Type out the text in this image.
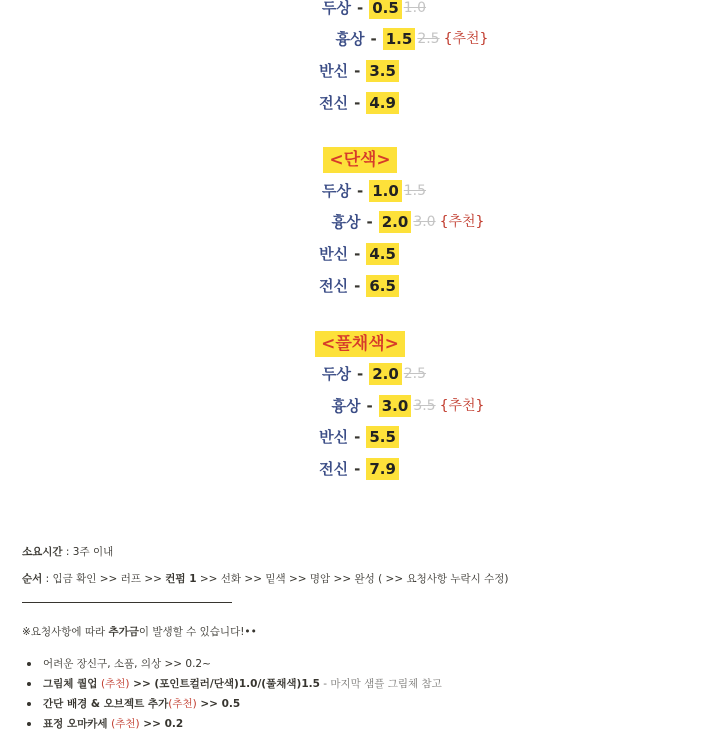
두상 - 0.5 1.0
흉상 - 1.5 2.5 {추천}
반신 - 3.5
전신 - 4.9
<단색>
두상 - 1.0 1.5
흉상 - 2.0 3.0 {추천}
반신 - 4.5
전신 - 6.5
<풀채색>
두상 - 2.0 2.5
흉상 - 3.0 3.5 {추천}
반신 - 5.5
전신 - 7.9
소요시간 : 3주 이내
순서 : 입금 확인 >> 러프 >> 컨펌 1 >> 선화 >> 밑색 >> 명암 >> 완성 ( >> 요청사항 누락시 수정)
※요청사항에 따라 추가금이 발생할 수 있습니다!••
어려운 장신구, 소품, 의상 >> 0.2~
그림체 퀄업 (추천) >> (포인트컬러/단색)1.0/(풀채색)1.5 - 마지막 샘플 그림체 참고
간단 배경 & 오브젝트 추가(추천) >> 0.5
표정 오마카세 (추천) >> 0.2
